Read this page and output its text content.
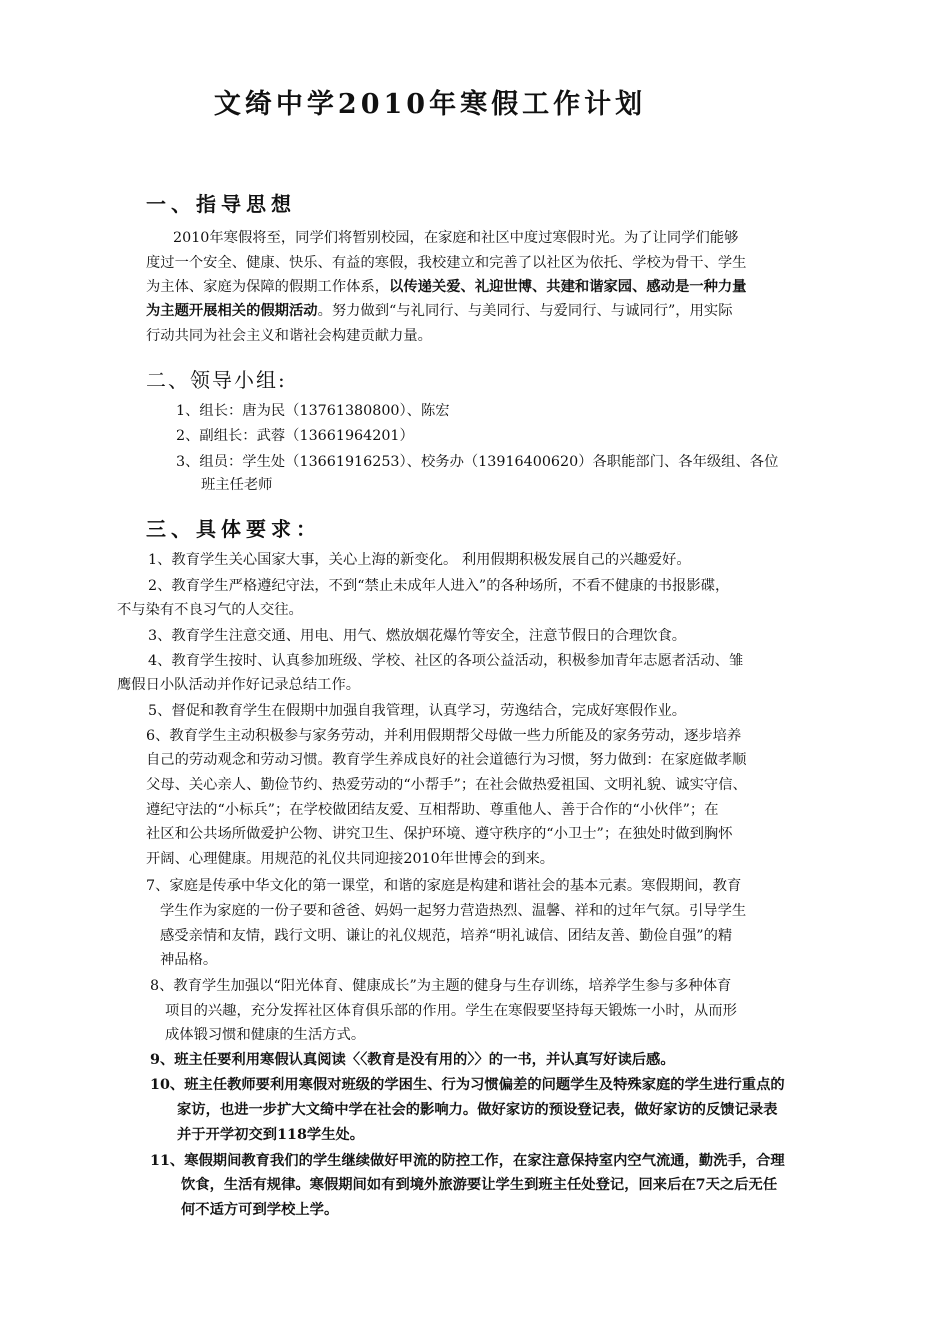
文绮中学2010年寒假工作计划
一、指导思想
2010年寒假将至，同学们将暂别校园，在家庭和社区中度过寒假时光。为了让同学们能够
度过一个安全、健康、快乐、有益的寒假，我校建立和完善了以社区为依托、学校为骨干、学生
为主体、家庭为保障的假期工作体系，以传递关爱、礼迎世博、共建和谐家园、感动是一种力量
为主题开展相关的假期活动。努力做到“与礼同行、与美同行、与爱同行、与诚同行”，用实际
行动共同为社会主义和谐社会构建贡献力量。
二、领导小组:
1、组长：唐为民（13761380800）、陈宏
2、副组长：武蓉（13661964201）
3、组员：学生处（13661916253）、校务办（13916400620）各职能部门、各年级组、各位
班主任老师
三、具体要求：
1、教育学生关心国家大事，关心上海的新变化。 利用假期积极发展自己的兴趣爱好。
2、教育学生严格遵纪守法，不到“禁止未成年人进入”的各种场所，不看不健康的书报影碟，
不与染有不良习气的人交往。
3、教育学生注意交通、用电、用气、燃放烟花爆竹等安全，注意节假日的合理饮食。
4、教育学生按时、认真参加班级、学校、社区的各项公益活动，积极参加青年志愿者活动、雏
鹰假日小队活动并作好记录总结工作。
5、督促和教育学生在假期中加强自我管理，认真学习，劳逸结合，完成好寒假作业。
6、教育学生主动积极参与家务劳动，并利用假期帮父母做一些力所能及的家务劳动，逐步培养
自己的劳动观念和劳动习惯。教育学生养成良好的社会道德行为习惯，努力做到：在家庭做孝顺
父母、关心亲人、勤俭节约、热爱劳动的“小帮手”；在社会做热爱祖国、文明礼貌、诚实守信、
遵纪守法的“小标兵”；在学校做团结友爱、互相帮助、尊重他人、善于合作的“小伙伴”；在
社区和公共场所做爱护公物、讲究卫生、保护环境、遵守秩序的“小卫士”；在独处时做到胸怀
开阔、心理健康。用规范的礼仪共同迎接2010年世博会的到来。
7、家庭是传承中华文化的第一课堂，和谐的家庭是构建和谐社会的基本元素。寒假期间，教育
学生作为家庭的一份子要和爸爸、妈妈一起努力营造热烈、温馨、祥和的过年气氛。引导学生
感受亲情和友情，践行文明、谦让的礼仪规范，培养“明礼诚信、团结友善、勤俭自强”的精
神品格。
8、教育学生加强以“阳光体育、健康成长”为主题的健身与生存训练，培养学生参与多种体育
项目的兴趣，充分发挥社区体育俱乐部的作用。学生在寒假要坚持每天锻炼一小时，从而形
成体锻习惯和健康的生活方式。
9、班主任要利用寒假认真阅读〈〈教育是没有用的〉〉的一书，并认真写好读后感。
10、班主任教师要利用寒假对班级的学困生、行为习惯偏差的问题学生及特殊家庭的学生进行重点的
家访，也进一步扩大文绮中学在社会的影响力。做好家访的预设登记表，做好家访的反馈记录表
并于开学初交到118学生处。
11、寒假期间教育我们的学生继续做好甲流的防控工作，在家注意保持室内空气流通，勤洗手，合理
饮食，生活有规律。寒假期间如有到境外旅游要让学生到班主任处登记，回来后在7天之后无任
何不适方可到学校上学。
